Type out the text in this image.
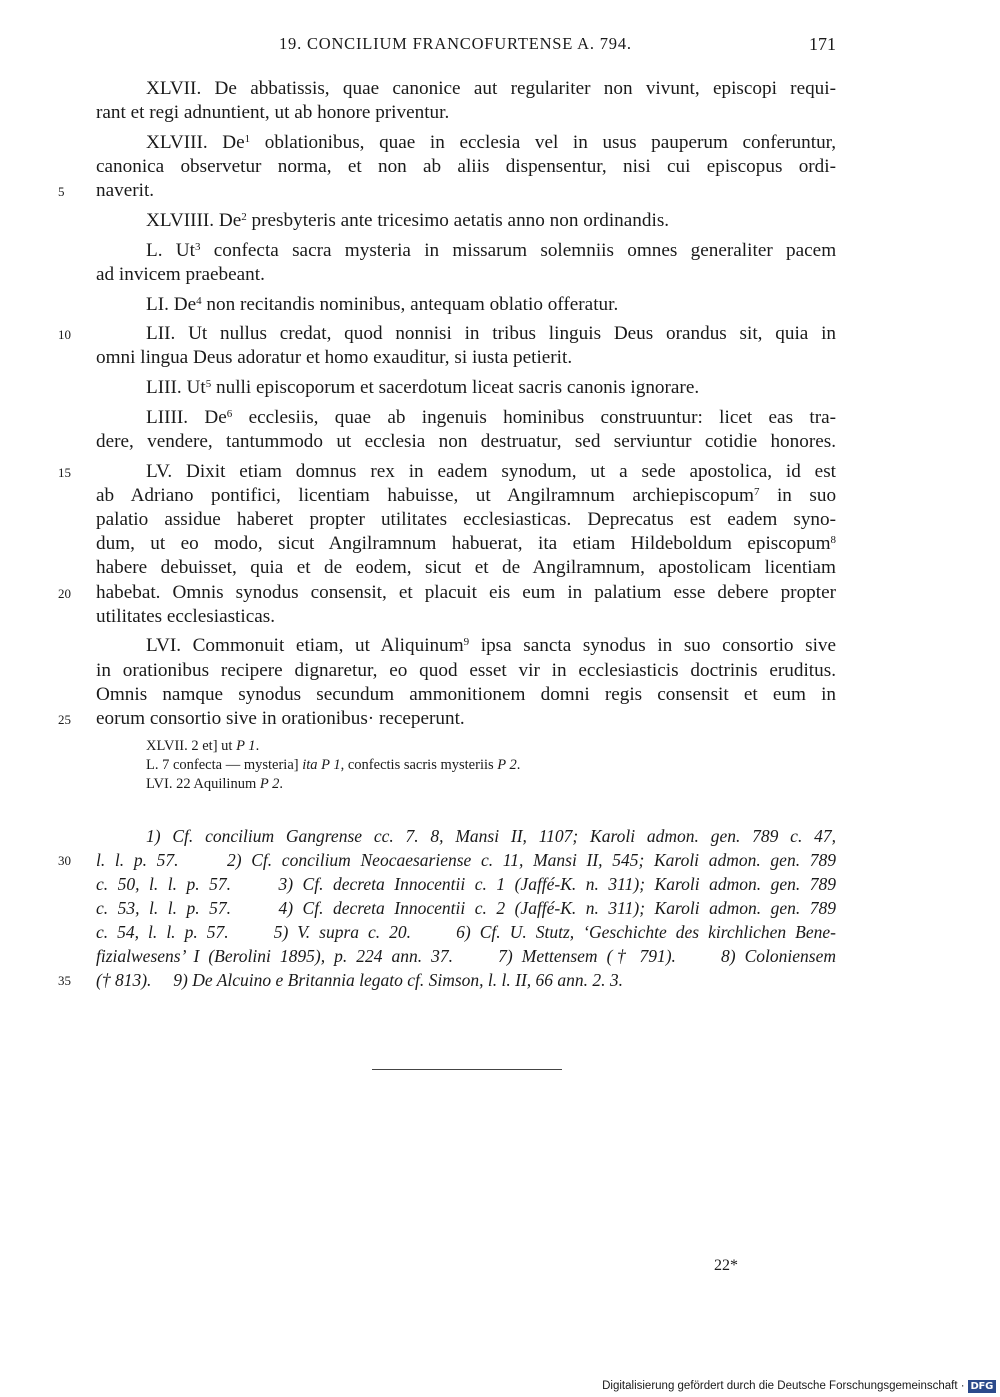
19. CONCILIUM FRANCOFURTENSE A. 794.	171
XLVII. De abbatissis, quae canonice aut regulariter non vivunt, episcopi requi-
rant et regi adnuntient, ut ab honore priventur.
XLVIII. De$^1$ oblationibus, quae in ecclesia vel in usus pauperum conferuntur,
canonica observetur norma, et non ab aliis dispensentur, nisi cui episcopus ordi-
5	naverit.
XLVIIII. De$^2$ presbyteris ante tricesimo aetatis anno non ordinandis.
L. Ut$^3$ confecta sacra mysteria in missarum solemniis omnes generaliter pacem
ad invicem praebeant.
LI. De$^4$ non recitandis nominibus, antequam oblatio offeratur.
10	LII. Ut nullus credat, quod nonnisi in tribus linguis Deus orandus sit, quia in
omni lingua Deus adoratur et homo exauditur, si iusta petierit.
LIII. Ut$^5$ nulli episcoporum et sacerdotum liceat sacris canonis ignorare.
LIIII. De$^6$ ecclesiis, quae ab ingenuis hominibus construuntur: licet eas tra-
dere, vendere, tantummodo ut ecclesia non destruatur, sed serviuntur cotidie honores.
15	LV. Dixit etiam domnus rex in eadem synodum, ut a sede apostolica, id est
ab Adriano pontifici, licentiam habuisse, ut Angilramnum archiepiscopum$^7$ in suo
palatio assidue haberet propter utilitates ecclesiasticas. Deprecatus est eadem syno-
dum, ut eo modo, sicut Angilramnum habuerat, ita etiam Hildeboldum episcopum$^8$
habere debuisset, quia et de eodem, sicut et de Angilramnum, apostolicam licentiam
20	habebat. Omnis synodus consensit, et placuit eis eum in palatium esse debere propter
utilitates ecclesiasticas.
LVI. Commonuit etiam, ut Aliquinum$^9$ ipsa sancta synodus in suo consortio sive
in orationibus recipere dignaretur, eo quod esset vir in ecclesiasticis doctrinis eruditus.
Omnis namque synodus secundum ammonitionem domni regis consensit et eum in
25	eorum consortio sive in orationibus· receperunt.
XLVII. 2 et] ut P 1.
L. 7 confecta — mysteria] ita P 1, confectis sacris mysteriis P 2.
LVI. 22 Aquilinum P 2.
1) Cf. concilium Gangrense cc. 7. 8, Mansi II, 1107; Karoli admon. gen. 789 c. 47,
30	l. l. p. 57.     2) Cf. concilium Neocaesariense c. 11, Mansi II, 545; Karoli admon. gen. 789
c. 50, l. l. p. 57.     3) Cf. decreta Innocentii c. 1 (Jaffé-K. n. 311); Karoli admon. gen. 789
c. 53, l. l. p. 57.     4) Cf. decreta Innocentii c. 2 (Jaffé-K. n. 311); Karoli admon. gen. 789
c. 54, l. l. p. 57.     5) V. supra c. 20.     6) Cf. U. Stutz, ‘Geschichte des kirchlichen Bene-
fizialwesens’ I (Berolini 1895), p. 224 ann. 37.     7) Mettensem († 791).     8) Coloniensem
35	(† 813).     9) De Alcuino e Britannia legato cf. Simson, l. l. II, 66 ann. 2. 3.
22*
Digitalisierung gefördert durch die Deutsche Forschungsgemeinschaft · DFG
